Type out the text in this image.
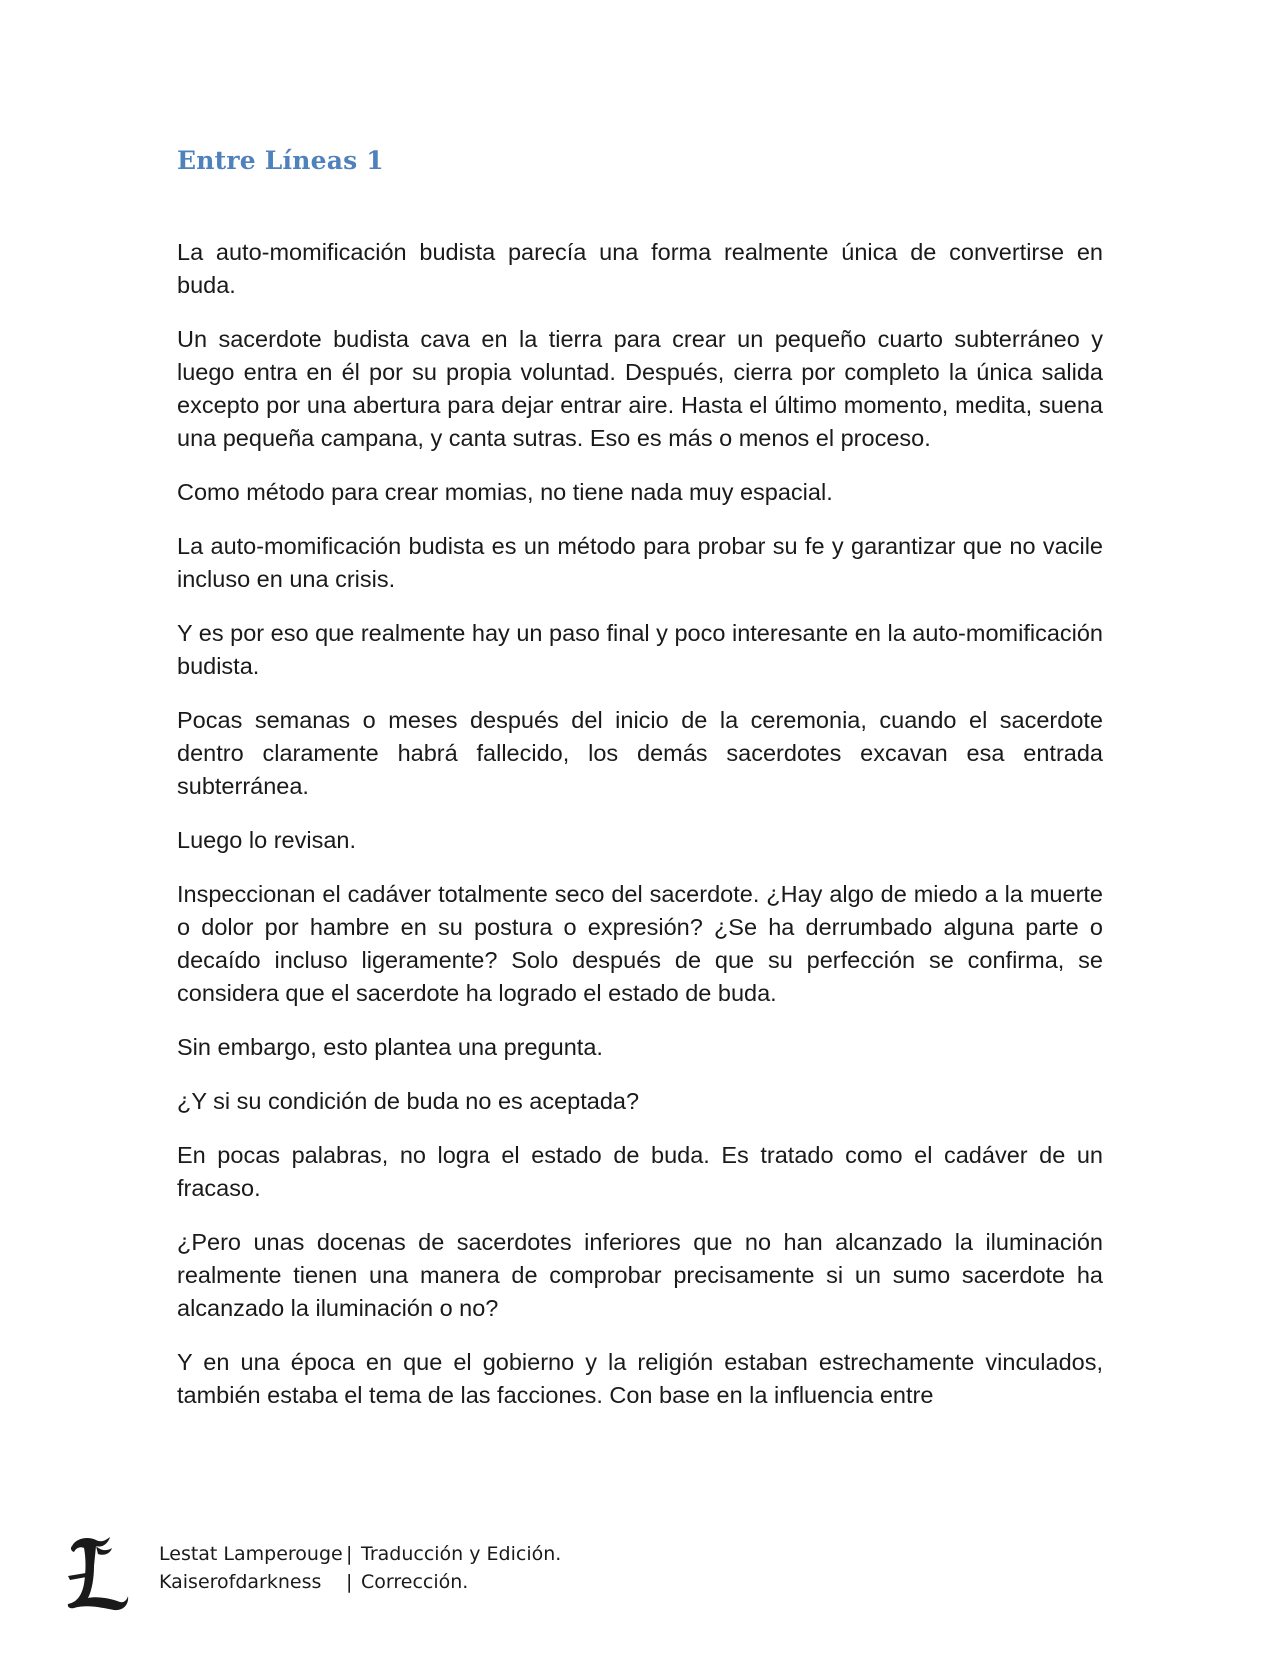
Entre Líneas 1

La auto-momificación budista parecía una forma realmente única de convertirse en buda.

Un sacerdote budista cava en la tierra para crear un pequeño cuarto subterráneo y luego entra en él por su propia voluntad. Después, cierra por completo la única salida excepto por una abertura para dejar entrar aire. Hasta el último momento, medita, suena una pequeña campana, y canta sutras. Eso es más o menos el proceso.

Como método para crear momias, no tiene nada muy espacial.

La auto-momificación budista es un método para probar su fe y garantizar que no vacile incluso en una crisis.

Y es por eso que realmente hay un paso final y poco interesante en la auto-momificación budista.

Pocas semanas o meses después del inicio de la ceremonia, cuando el sacerdote dentro claramente habrá fallecido, los demás sacerdotes excavan esa entrada subterránea.

Luego lo revisan.

Inspeccionan el cadáver totalmente seco del sacerdote. ¿Hay algo de miedo a la muerte o dolor por hambre en su postura o expresión? ¿Se ha derrumbado alguna parte o decaído incluso ligeramente? Solo después de que su perfección se confirma, se considera que el sacerdote ha logrado el estado de buda.

Sin embargo, esto plantea una pregunta.

¿Y si su condición de buda no es aceptada?

En pocas palabras, no logra el estado de buda. Es tratado como el cadáver de un fracaso.

¿Pero unas docenas de sacerdotes inferiores que no han alcanzado la iluminación realmente tienen una manera de comprobar precisamente si un sumo sacerdote ha alcanzado la iluminación o no?

Y en una época en que el gobierno y la religión estaban estrechamente vinculados, también estaba el tema de las facciones. Con base en la influencia entre

Lestat Lamperouge | Traducción y Edición.
Kaiserofdarkness	| Corrección.
